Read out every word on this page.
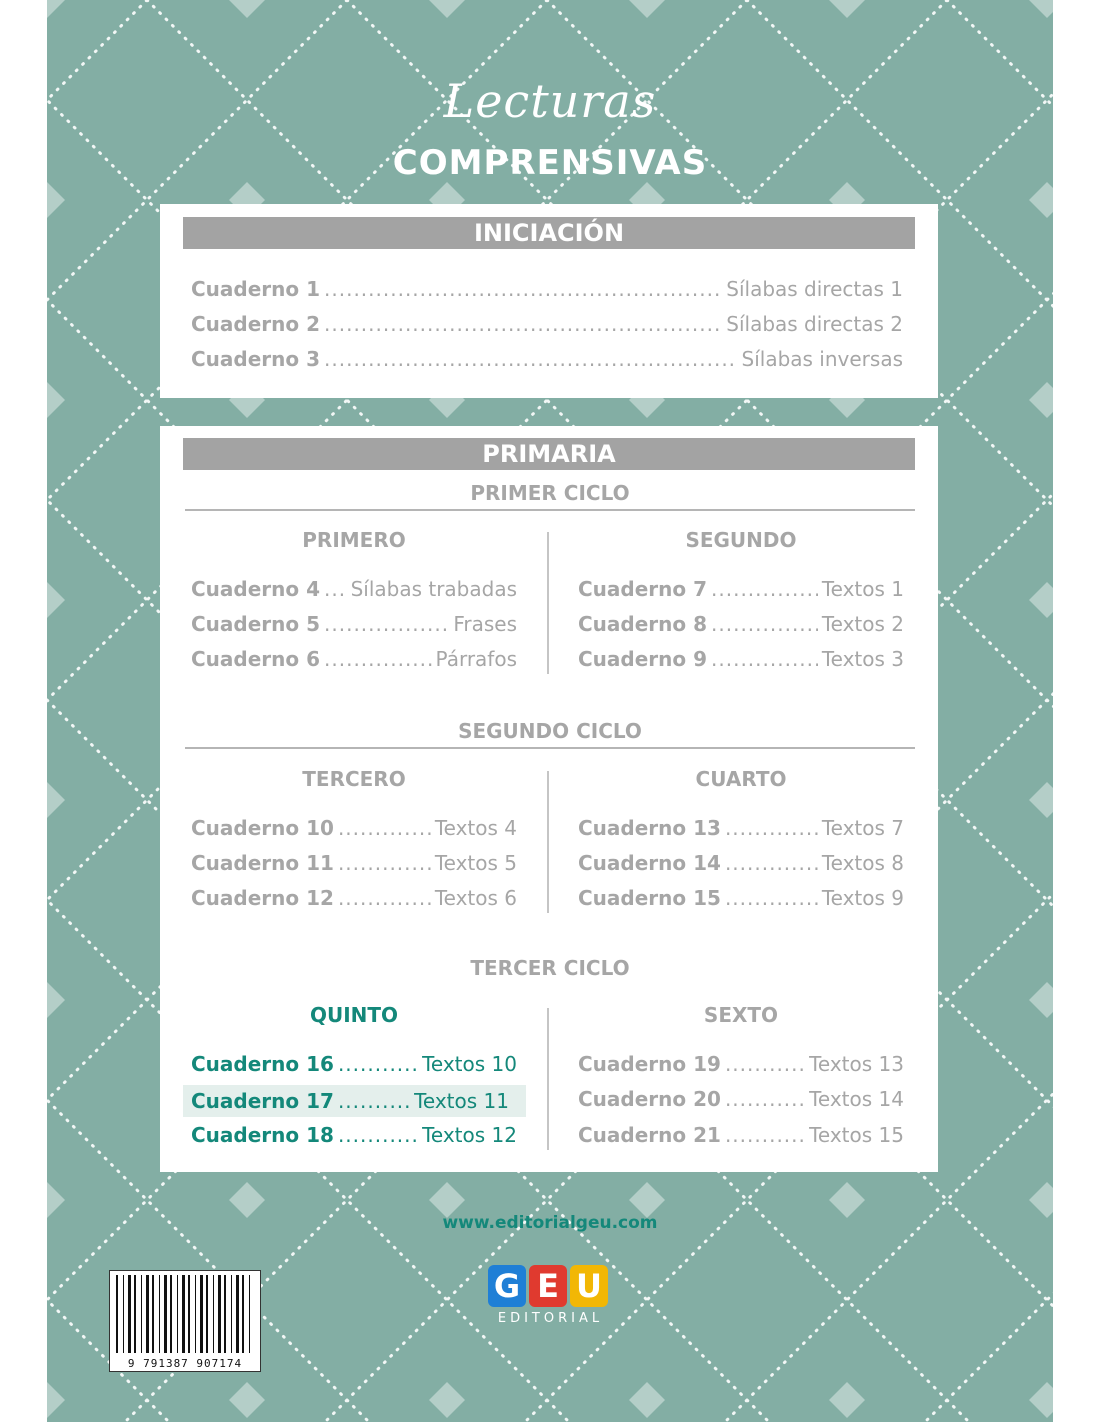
Lecturas
COMPRENSIVAS
INICIACIÓN
Cuaderno 1 .....	Sílabas directas 1
Cuaderno 2 .....	Sílabas directas 2
Cuaderno 3 .....	Sílabas inversas
PRIMARIA
PRIMER CICLO
PRIMERO	SEGUNDO
Cuaderno 4 ..... Sílabas trabadas
Cuaderno 5 .....	Frases
Cuaderno 6 .....	Párrafos
Cuaderno 7 .....	Textos 1
Cuaderno 8 .....	Textos 2
Cuaderno 9 .....	Textos 3
SEGUNDO CICLO
TERCERO	CUARTO
Cuaderno 10 .....	Textos 4
Cuaderno 11 .....	Textos 5
Cuaderno 12 .....	Textos 6
Cuaderno 13 .....	Textos 7
Cuaderno 14 .....	Textos 8
Cuaderno 15 .....	Textos 9
TERCER CICLO
QUINTO	SEXTO
Cuaderno 16 .....	Textos 10
Cuaderno 17 .....	Textos 11
Cuaderno 18 .....	Textos 12
Cuaderno 19 .....	Textos 13
Cuaderno 20 .....	Textos 14
Cuaderno 21 .....	Textos 15
www.editorialgeu.com
G E U
EDITORIAL
9 791387 907174
